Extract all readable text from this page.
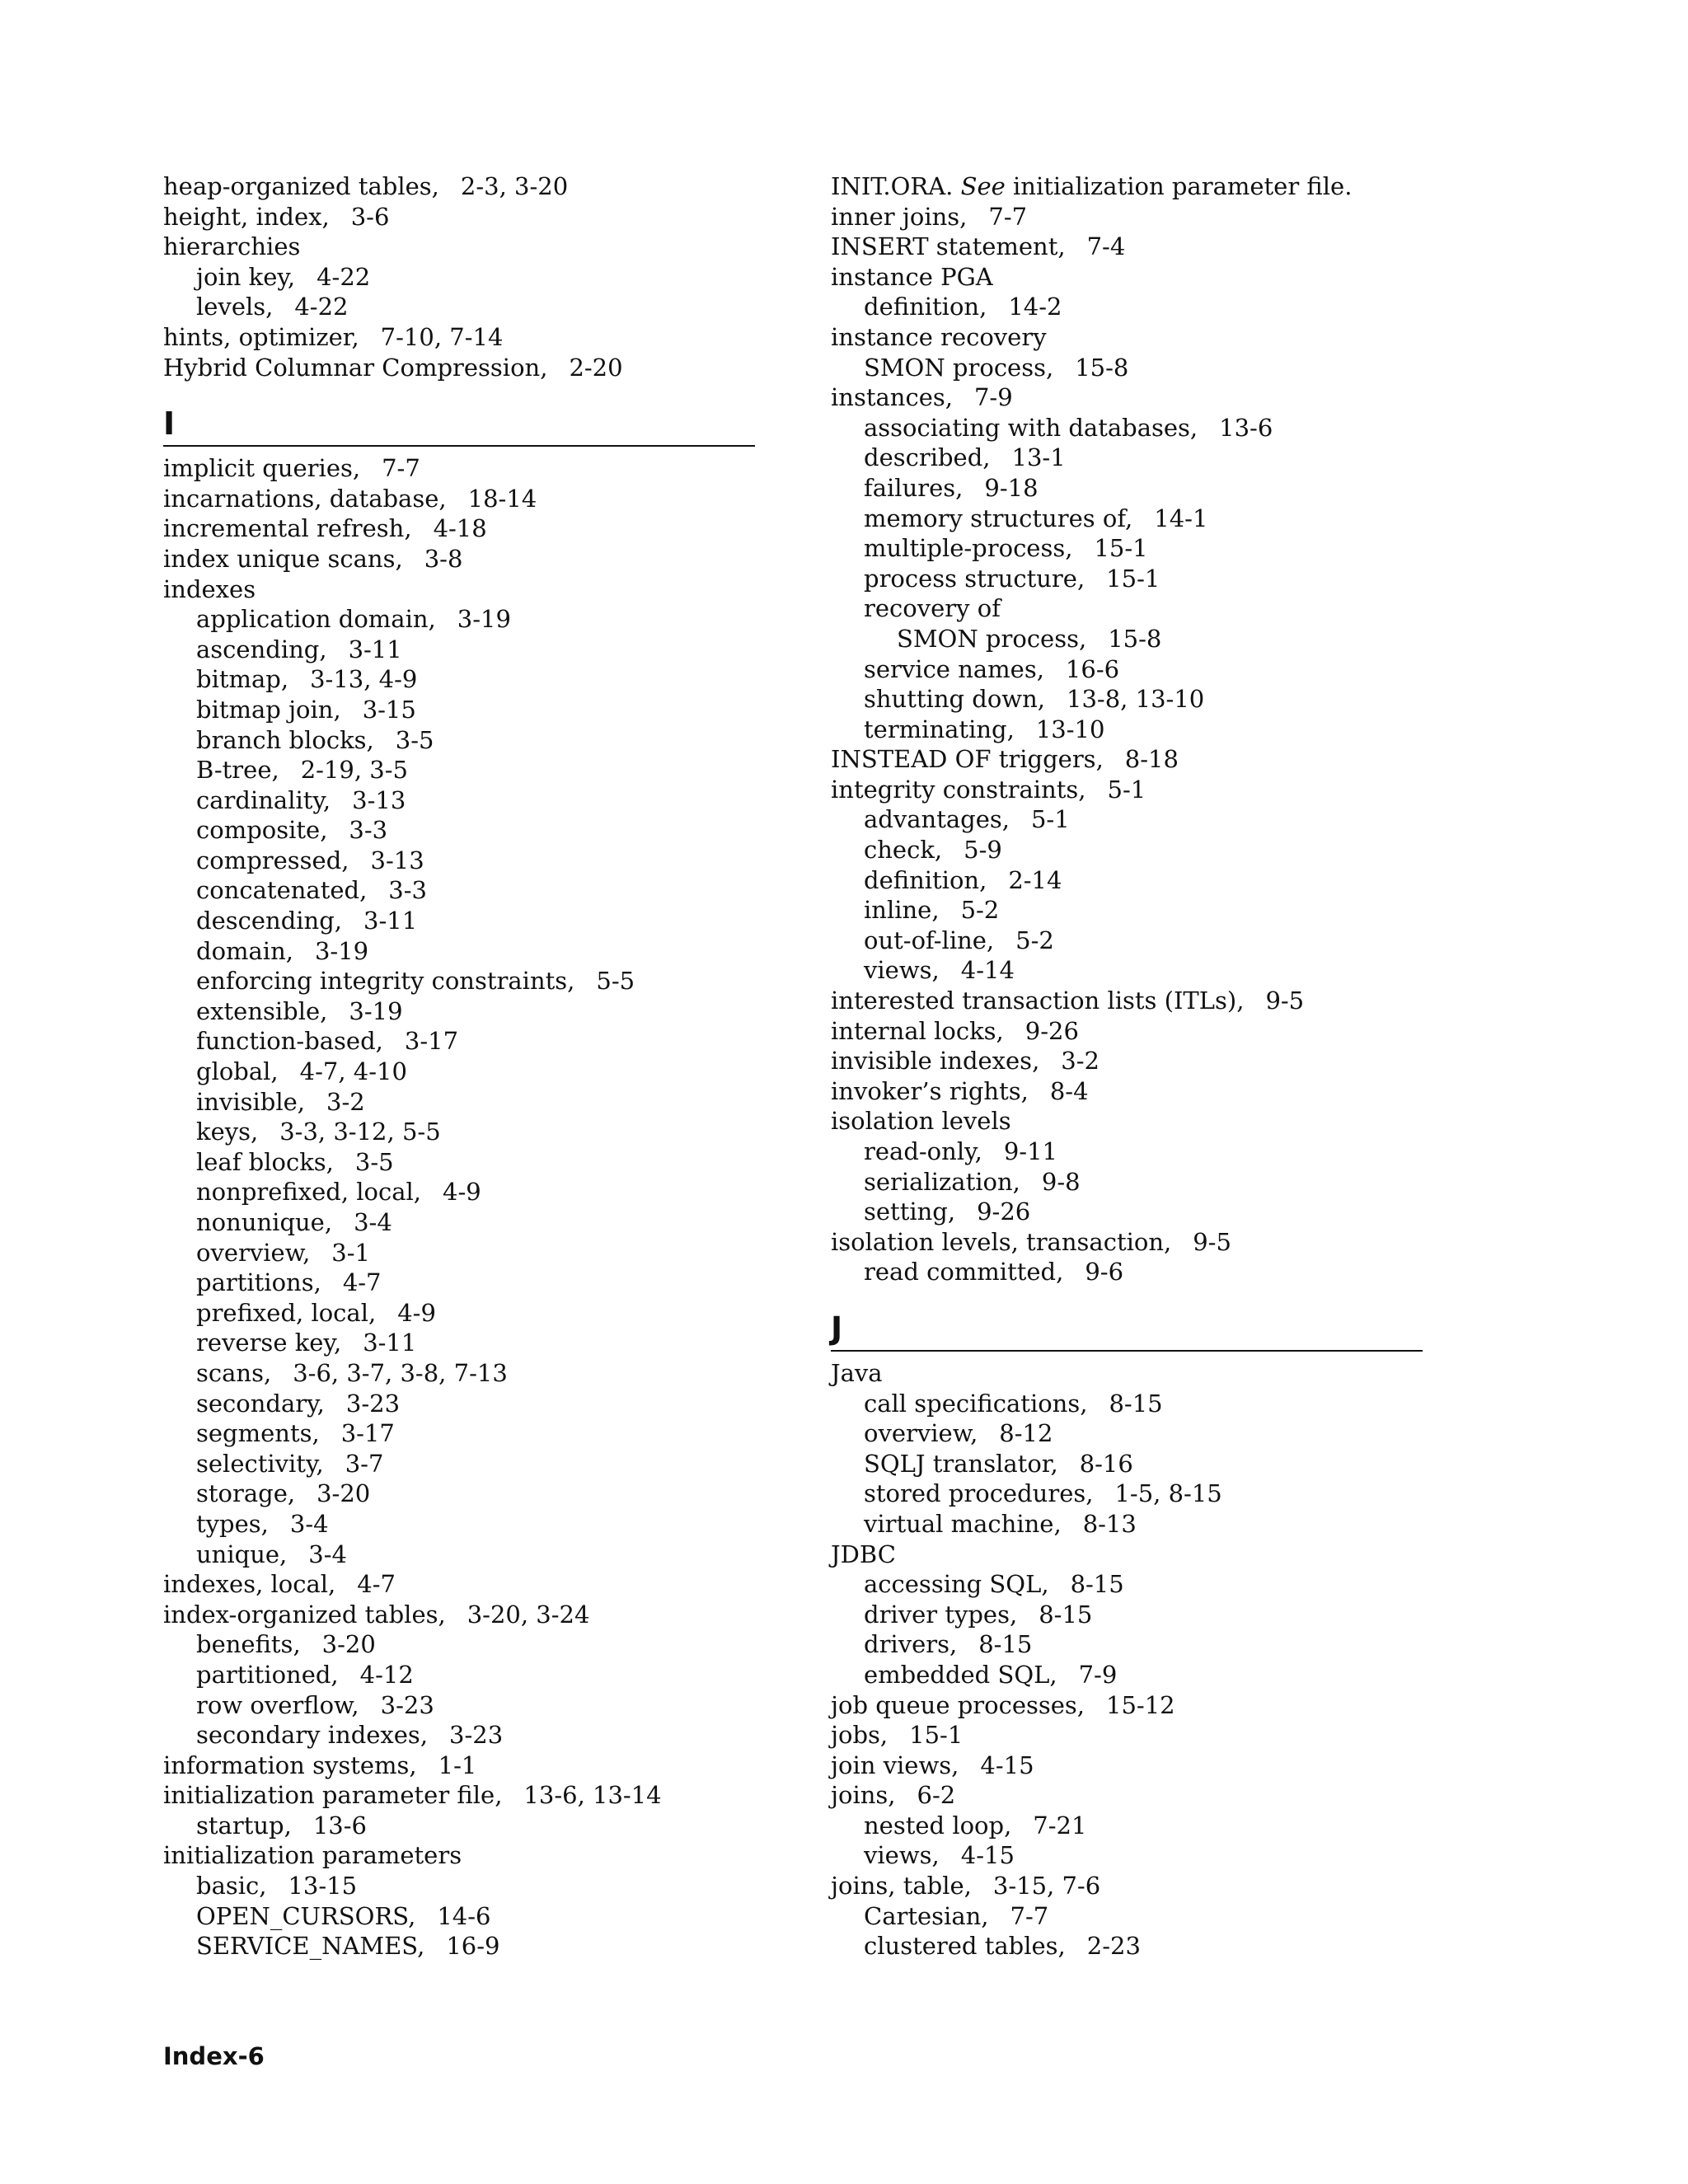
heap-organized tables, 2-3, 3-20
height, index, 3-6
hierarchies
join key, 4-22
levels, 4-22
hints, optimizer, 7-10, 7-14
Hybrid Columnar Compression, 2-20
I
implicit queries, 7-7
incarnations, database, 18-14
incremental refresh, 4-18
index unique scans, 3-8
indexes
application domain, 3-19
ascending, 3-11
bitmap, 3-13, 4-9
bitmap join, 3-15
branch blocks, 3-5
B-tree, 2-19, 3-5
cardinality, 3-13
composite, 3-3
compressed, 3-13
concatenated, 3-3
descending, 3-11
domain, 3-19
enforcing integrity constraints, 5-5
extensible, 3-19
function-based, 3-17
global, 4-7, 4-10
invisible, 3-2
keys, 3-3, 3-12, 5-5
leaf blocks, 3-5
nonprefixed, local, 4-9
nonunique, 3-4
overview, 3-1
partitions, 4-7
prefixed, local, 4-9
reverse key, 3-11
scans, 3-6, 3-7, 3-8, 7-13
secondary, 3-23
segments, 3-17
selectivity, 3-7
storage, 3-20
types, 3-4
unique, 3-4
indexes, local, 4-7
index-organized tables, 3-20, 3-24
benefits, 3-20
partitioned, 4-12
row overflow, 3-23
secondary indexes, 3-23
information systems, 1-1
initialization parameter file, 13-6, 13-14
startup, 13-6
initialization parameters
basic, 13-15
OPEN_CURSORS, 14-6
SERVICE_NAMES, 16-9
INIT.ORA. See initialization parameter file.
inner joins, 7-7
INSERT statement, 7-4
instance PGA
definition, 14-2
instance recovery
SMON process, 15-8
instances, 7-9
associating with databases, 13-6
described, 13-1
failures, 9-18
memory structures of, 14-1
multiple-process, 15-1
process structure, 15-1
recovery of
SMON process, 15-8
service names, 16-6
shutting down, 13-8, 13-10
terminating, 13-10
INSTEAD OF triggers, 8-18
integrity constraints, 5-1
advantages, 5-1
check, 5-9
definition, 2-14
inline, 5-2
out-of-line, 5-2
views, 4-14
interested transaction lists (ITLs), 9-5
internal locks, 9-26
invisible indexes, 3-2
invoker’s rights, 8-4
isolation levels
read-only, 9-11
serialization, 9-8
setting, 9-26
isolation levels, transaction, 9-5
read committed, 9-6
J
Java
call specifications, 8-15
overview, 8-12
SQLJ translator, 8-16
stored procedures, 1-5, 8-15
virtual machine, 8-13
JDBC
accessing SQL, 8-15
driver types, 8-15
drivers, 8-15
embedded SQL, 7-9
job queue processes, 15-12
jobs, 15-1
join views, 4-15
joins, 6-2
nested loop, 7-21
views, 4-15
joins, table, 3-15, 7-6
Cartesian, 7-7
clustered tables, 2-23
Index-6
